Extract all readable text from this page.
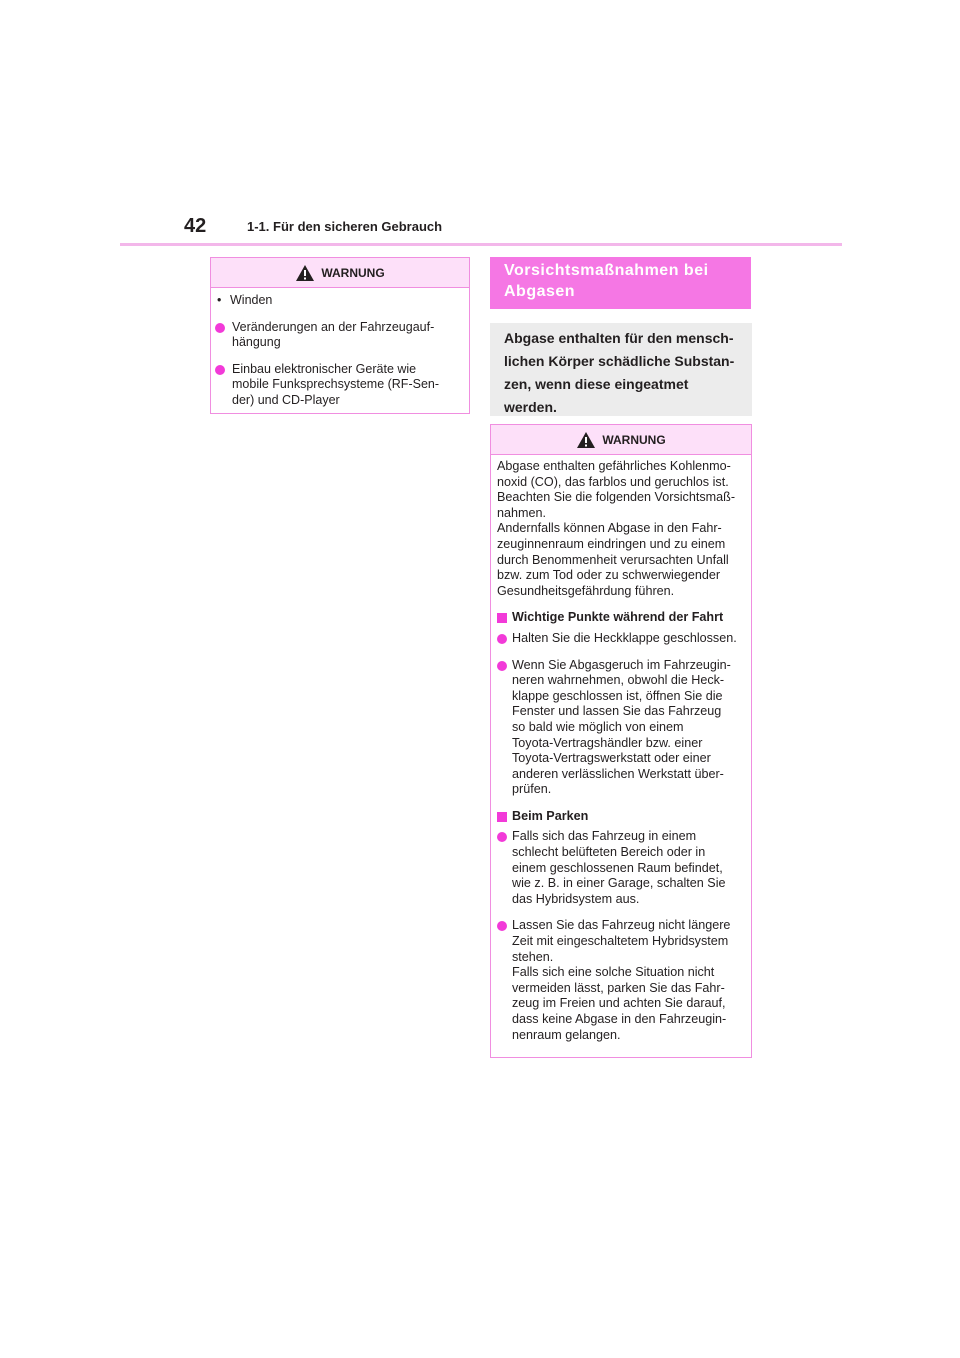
42	1-1. Für den sicheren Gebrauch
WARNUNG
• Winden
Veränderungen an der Fahrzeugauf-
hängung
Einbau elektronischer Geräte wie
mobile Funksprechsysteme (RF-Sen-
der) und CD-Player
Vorsichtsmaßnahmen bei
Abgasen
Abgase enthalten für den mensch-
lichen Körper schädliche Substan-
zen, wenn diese eingeatmet
werden.
WARNUNG

Abgase enthalten gefährliches Kohlenmo-
noxid (CO), das farblos und geruchlos ist.
Beachten Sie die folgenden Vorsichtsmaß-
nahmen.

Andernfalls können Abgase in den Fahr-
zeuginnenraum eindringen und zu einem
durch Benommenheit verursachten Unfall
bzw. zum Tod oder zu schwerwiegender
Gesundheitsgefährdung führen.

Wichtige Punkte während der Fahrt
Halten Sie die Heckklappe geschlossen.
Wenn Sie Abgasgeruch im Fahrzeugin-
neren wahrnehmen, obwohl die Heck-
klappe geschlossen ist, öffnen Sie die
Fenster und lassen Sie das Fahrzeug
so bald wie möglich von einem
Toyota-Vertragshändler bzw. einer
Toyota-Vertragswerkstatt oder einer
anderen verlässlichen Werkstatt über-
prüfen.
Beim Parken
Falls sich das Fahrzeug in einem
schlecht belüfteten Bereich oder in
einem geschlossenen Raum befindet,
wie z. B. in einer Garage, schalten Sie
das Hybridsystem aus.
Lassen Sie das Fahrzeug nicht längere
Zeit mit eingeschaltetem Hybridsystem
stehen.
Falls sich eine solche Situation nicht
vermeiden lässt, parken Sie das Fahr-
zeug im Freien und achten Sie darauf,
dass keine Abgase in den Fahrzeugin-
nenraum gelangen.
